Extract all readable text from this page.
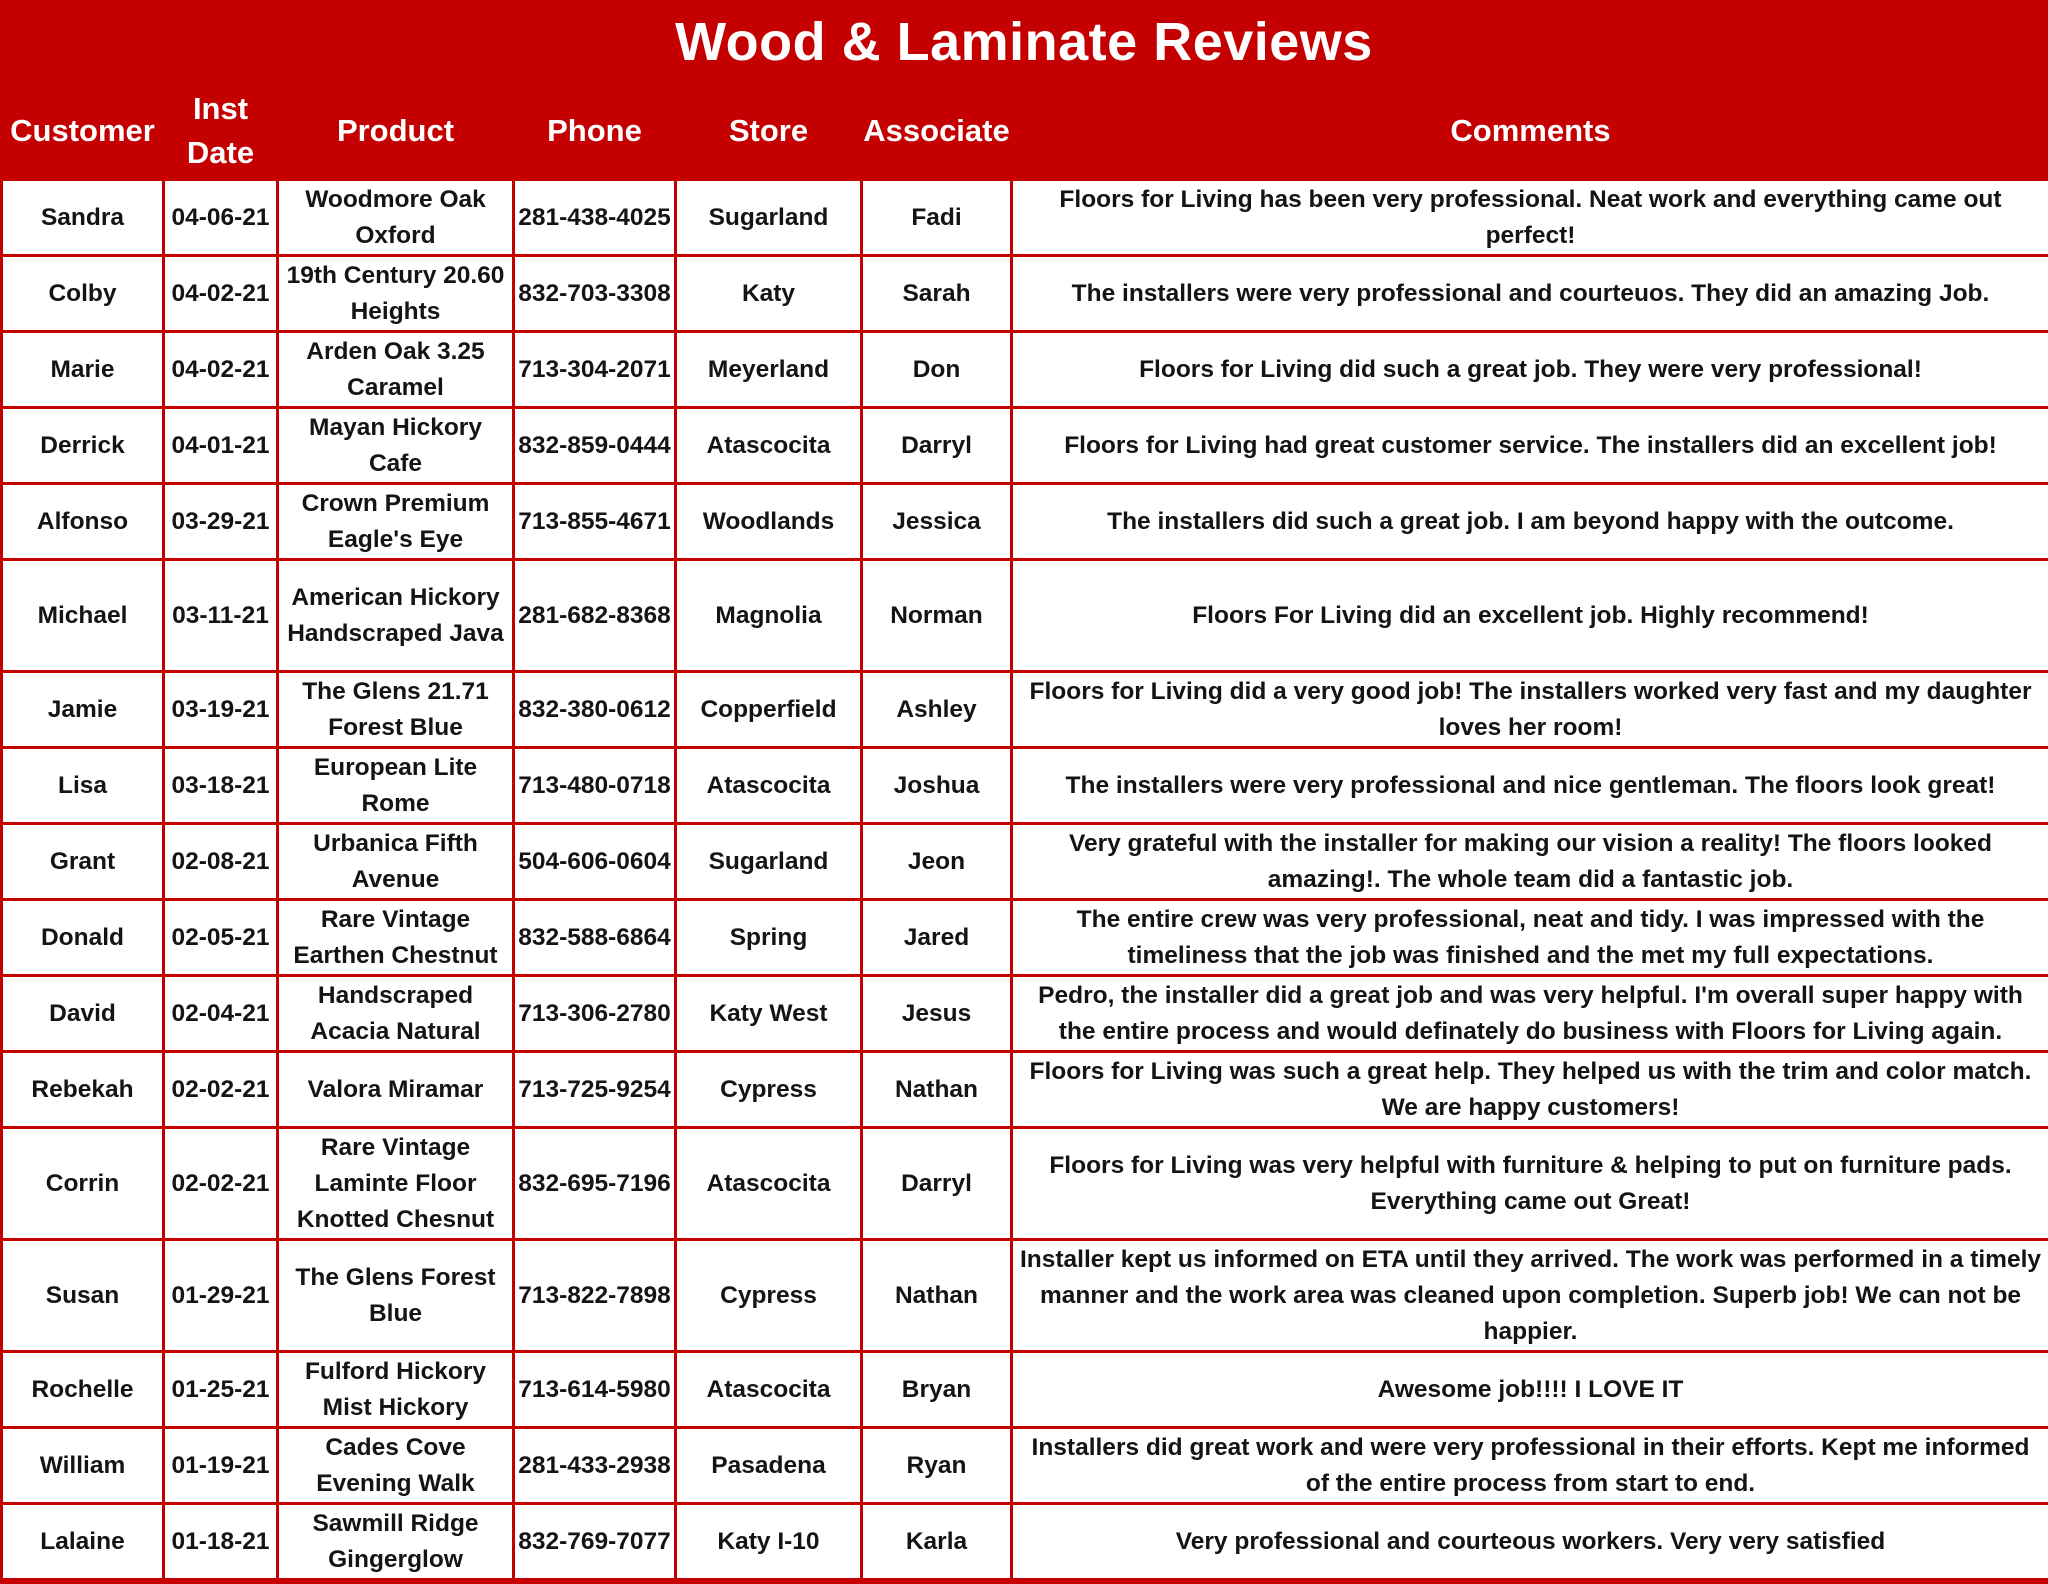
Wood & Laminate Reviews
Customer	Inst Date	Product	Phone	Store	Associate	Comments
Sandra	04-06-21	Woodmore Oak Oxford	281-438-4025	Sugarland	Fadi	Floors for Living has been very professional. Neat work and everything came out perfect!
Colby	04-02-21	19th Century 20.60 Heights	832-703-3308	Katy	Sarah	The installers were very professional and courteuos. They did an amazing Job.
Marie	04-02-21	Arden Oak 3.25 Caramel	713-304-2071	Meyerland	Don	Floors for Living did such a great job. They were very professional!
Derrick	04-01-21	Mayan Hickory Cafe	832-859-0444	Atascocita	Darryl	Floors for Living had great customer service. The installers did an excellent job!
Alfonso	03-29-21	Crown Premium Eagle's Eye	713-855-4671	Woodlands	Jessica	The installers did such a great job. I am beyond happy with the outcome.
Michael	03-11-21	American Hickory Handscraped Java	281-682-8368	Magnolia	Norman	Floors For Living did an excellent job. Highly recommend!
Jamie	03-19-21	The Glens 21.71 Forest Blue	832-380-0612	Copperfield	Ashley	Floors for Living did a very good job! The installers worked very fast and my daughter loves her room!
Lisa	03-18-21	European Lite Rome	713-480-0718	Atascocita	Joshua	The installers were very professional and nice gentleman. The floors look great!
Grant	02-08-21	Urbanica Fifth Avenue	504-606-0604	Sugarland	Jeon	Very grateful with the installer for making our vision a reality! The floors looked amazing!. The whole team did a fantastic job.
Donald	02-05-21	Rare Vintage Earthen Chestnut	832-588-6864	Spring	Jared	The entire crew was very professional, neat and tidy. I was impressed with the timeliness that the job was finished and the met my full expectations.
David	02-04-21	Handscraped Acacia Natural	713-306-2780	Katy West	Jesus	Pedro, the installer did a great job and was very helpful. I'm overall super happy with the entire process and would definately do business with Floors for Living again.
Rebekah	02-02-21	Valora Miramar	713-725-9254	Cypress	Nathan	Floors for Living was such a great help. They helped us with the trim and color match. We are happy customers!
Corrin	02-02-21	Rare Vintage Laminte Floor Knotted Chesnut	832-695-7196	Atascocita	Darryl	Floors for Living was very helpful with furniture & helping to put on furniture pads. Everything came out Great!
Susan	01-29-21	The Glens Forest Blue	713-822-7898	Cypress	Nathan	Installer kept us informed on ETA until they arrived. The work was performed in a timely manner and the work area was cleaned upon completion. Superb job! We can not be happier.
Rochelle	01-25-21	Fulford Hickory Mist Hickory	713-614-5980	Atascocita	Bryan	Awesome job!!!! I LOVE IT
William	01-19-21	Cades Cove Evening Walk	281-433-2938	Pasadena	Ryan	Installers did great work and were very professional in their efforts. Kept me informed of the entire process from start to end.
Lalaine	01-18-21	Sawmill Ridge Gingerglow	832-769-7077	Katy I-10	Karla	Very professional and courteous workers. Very very satisfied
